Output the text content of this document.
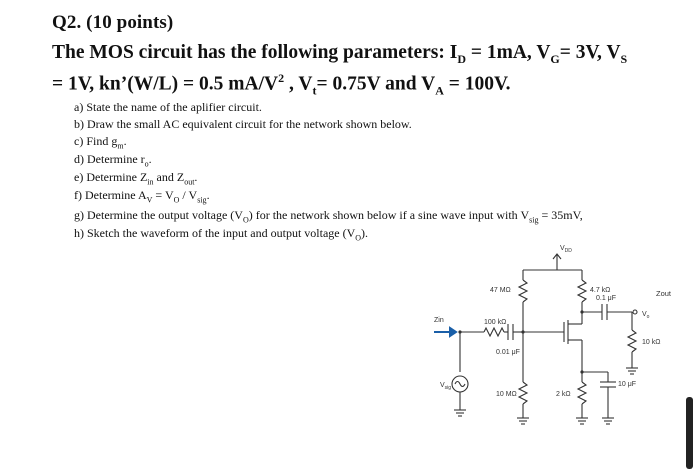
Q2. (10 points)
The MOS circuit has the following parameters: $I_D = 1mA$, $V_G= 3V$, $V_S$
= 1V, kn’(W/L) = 0.5 $mA/V^2$ , $V_t= 0.75V$ and $V_A = 100V$.
a) State the name of the aplifier circuit.
b) Draw the small AC equivalent circuit for the network shown below.
c) Find $g_m$.
d) Determine $r_o$.
e) Determine $Z_{in}$ and $Z_{out}$.
f) Determine $A_V = V_O / V_{sig}$.
g) Determine the output voltage $(V_O)$ for the network shown below if a sine wave input with $V_{sig} = 35mV$,
h) Sketch the waveform of the input and output voltage $(V_O)$.
$V_{DD}$
47 MΩ	4.7 kΩ	Zout
$V_o$
0.1 μF
Zin	100 kΩ
0.01 μF
10 kΩ
$V_{sig}$
10 MΩ	2 kΩ
10 μF
